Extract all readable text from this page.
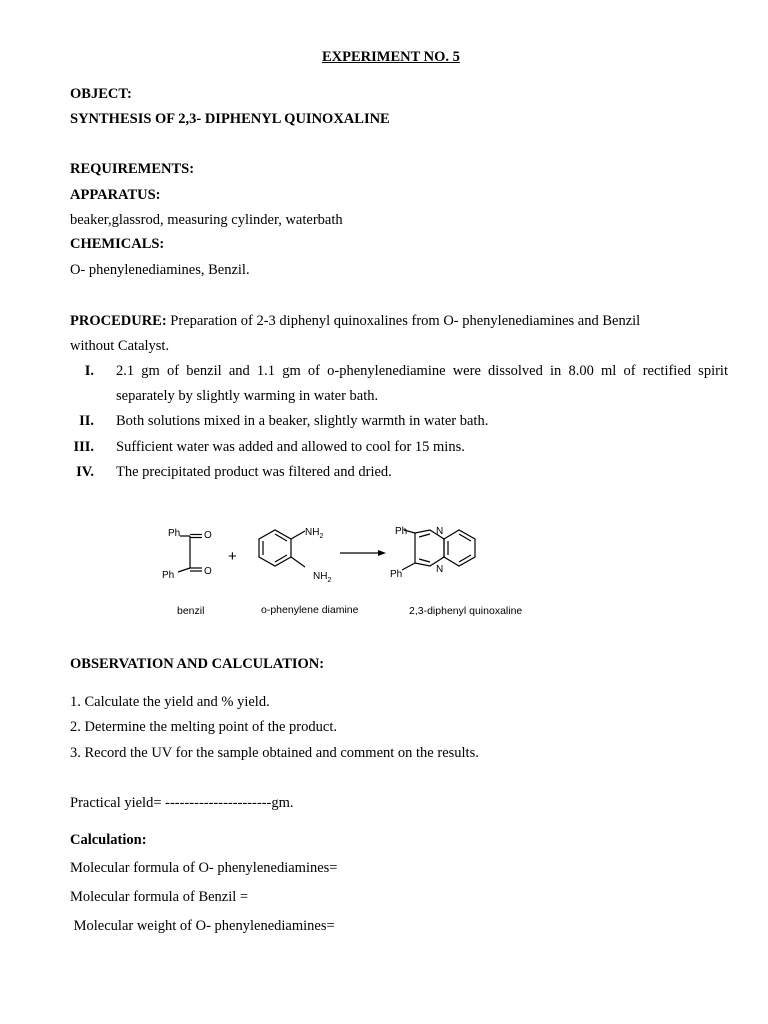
EXPERIMENT NO. 5
OBJECT:
SYNTHESIS OF 2,3- DIPHENYL QUINOXALINE
REQUIREMENTS:
APPARATUS:
beaker,glassrod, measuring cylinder, waterbath
CHEMICALS:
O- phenylenediamines, Benzil.
PROCEDURE: Preparation of 2-3 diphenyl quinoxalines from O- phenylenediamines and Benzil
without Catalyst.
I. 2.1 gm of benzil and 1.1 gm of o-phenylenediamine were dissolved in 8.00 ml of rectified spirit separately by slightly warming in water bath.
II. Both solutions mixed in a beaker, slightly warmth in water bath.
III. Sufficient water was added and allowed to cool for 15 mins.
IV. The precipitated product was filtered and dried.
Ph O
Ph	O
+
$NH_2$
$NH_2$
Ph
Ph
N
N
benzil	o-phenylene diamine	2,3-diphenyl quinoxaline
OBSERVATION AND CALCULATION:
1. Calculate the yield and % yield.
2. Determine the melting point of the product.
3. Record the UV for the sample obtained and comment on the results.
Practical yield= ----------------------gm.
Calculation:
Molecular formula of O- phenylenediamines=
Molecular formula of Benzil =
Molecular weight of O- phenylenediamines=
